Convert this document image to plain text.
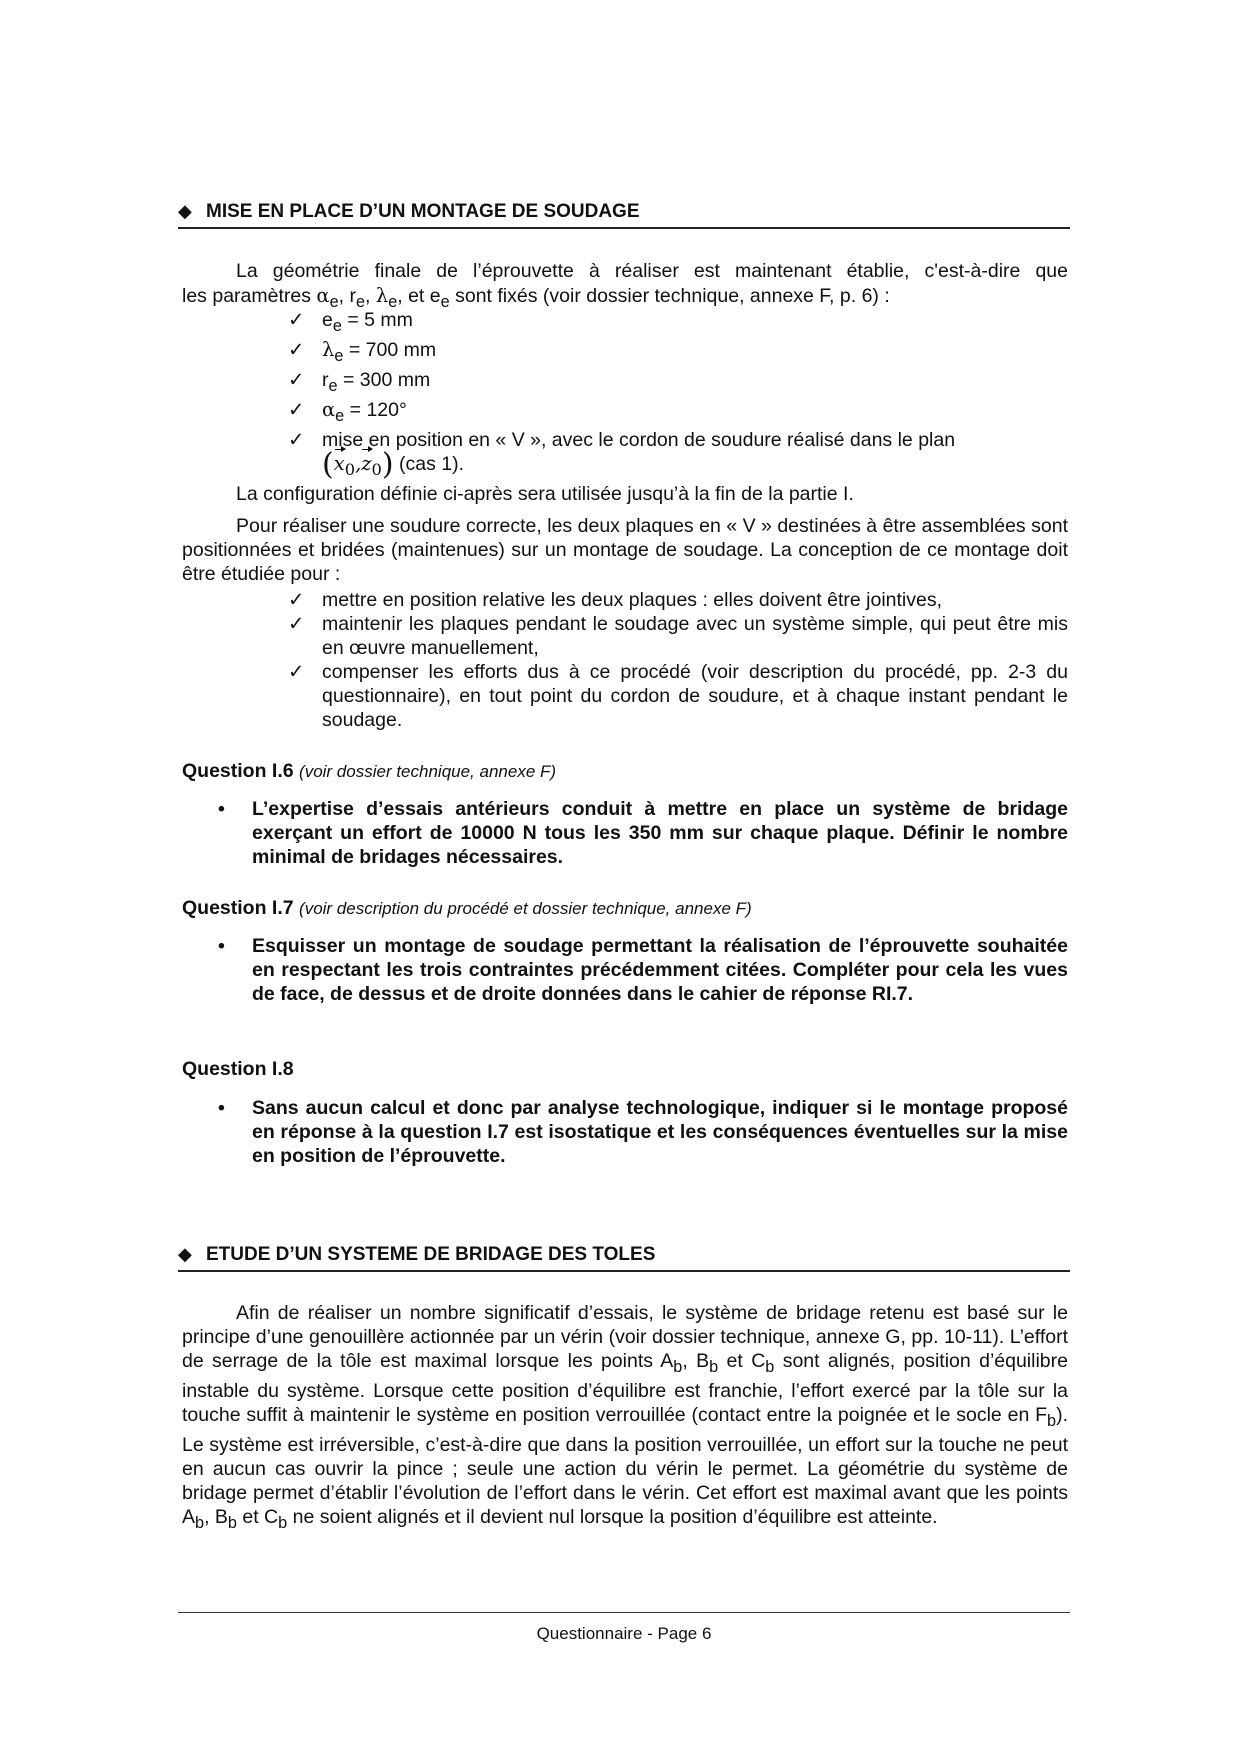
◆ MISE EN PLACE D’UN MONTAGE DE SOUDAGE
La géométrie finale de l’éprouvette à réaliser est maintenant établie, c'est-à-dire que
les paramètres $\alpha_e$, $r_e$, $\lambda_e$, et $e_e$ sont fixés (voir dossier technique, annexe F, p. 6) :
✓ $e_e = 5$ mm
✓ $\lambda_e = 700$ mm
✓ $r_e = 300$ mm
✓ $\alpha_e = 120^\circ$
✓ mise en position en « V », avec le cordon de soudure réalisé dans le plan
$(x_0,z_0)$ (cas 1).
La configuration définie ci-après sera utilisée jusqu’à la fin de la partie I.
Pour réaliser une soudure correcte, les deux plaques en « V » destinées à être assemblées sont positionnées et bridées (maintenues) sur un montage de soudage. La conception de ce montage doit être étudiée pour :
✓ mettre en position relative les deux plaques : elles doivent être jointives,
✓ maintenir les plaques pendant le soudage avec un système simple, qui peut être mis en œuvre manuellement,
✓ compenser les efforts dus à ce procédé (voir description du procédé, pp. 2-3 du questionnaire), en tout point du cordon de soudure, et à chaque instant pendant le soudage.
Question I.6 (voir dossier technique, annexe F)
• L’expertise d’essais antérieurs conduit à mettre en place un système de bridage exerçant un effort de 10000 N tous les 350 mm sur chaque plaque. Définir le nombre minimal de bridages nécessaires.
Question I.7 (voir description du procédé et dossier technique, annexe F)
• Esquisser un montage de soudage permettant la réalisation de l’éprouvette souhaitée en respectant les trois contraintes précédemment citées. Compléter pour cela les vues de face, de dessus et de droite données dans le cahier de réponse RI.7.
Question I.8
• Sans aucun calcul et donc par analyse technologique, indiquer si le montage proposé en réponse à la question I.7 est isostatique et les conséquences éventuelles sur la mise en position de l’éprouvette.
◆ ETUDE D’UN SYSTEME DE BRIDAGE DES TOLES
Afin de réaliser un nombre significatif d’essais, le système de bridage retenu est basé sur le principe d’une genouillère actionnée par un vérin (voir dossier technique, annexe G, pp. 10-11). L’effort de serrage de la tôle est maximal lorsque les points $A_b$, $B_b$ et $C_b$ sont alignés, position d’équilibre instable du système. Lorsque cette position d’équilibre est franchie, l’effort exercé par la tôle sur la touche suffit à maintenir le système en position verrouillée (contact entre la poignée et le socle en $F_b$). Le système est irréversible, c’est-à-dire que dans la position verrouillée, un effort sur la touche ne peut en aucun cas ouvrir la pince ; seule une action du vérin le permet. La géométrie du système de bridage permet d’établir l’évolution de l’effort dans le vérin. Cet effort est maximal avant que les points $A_b$, $B_b$ et $C_b$ ne soient alignés et il devient nul lorsque la position d’équilibre est atteinte.
Questionnaire - Page 6
